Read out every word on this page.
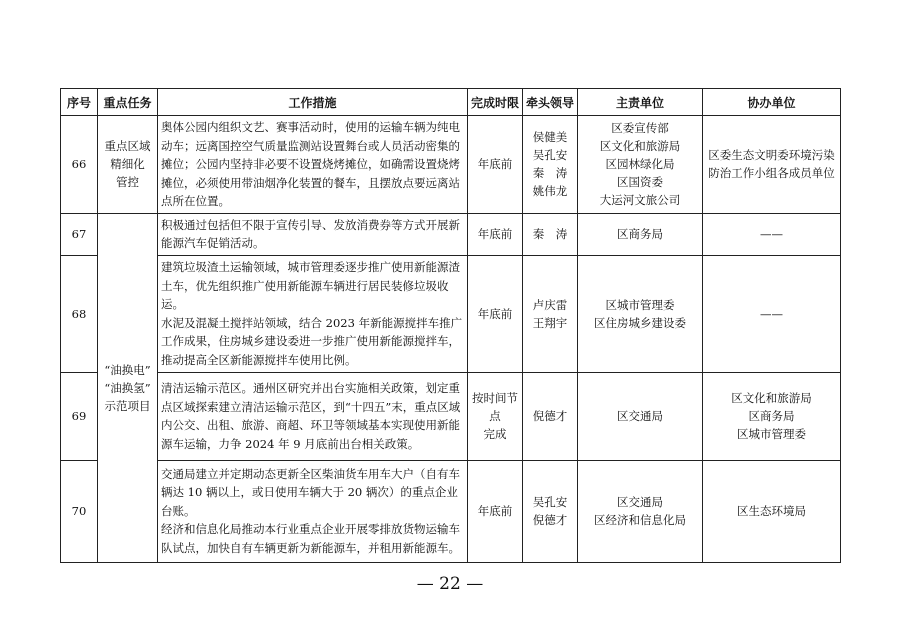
序号	重点任务	工作措施	完成时限	牵头领导	主责单位	协办单位
66	重点区域
精细化
管控	奥体公园内组织文艺、赛事活动时，使用的运输车辆为纯电动车；远离国控空气质量监测站设置舞台或人员活动密集的摊位；公园内坚持非必要不设置烧烤摊位，如确需设置烧烤摊位，必须使用带油烟净化装置的餐车，且摆放点要远离站点所在位置。	年底前	侯健美
吴孔安
秦　涛
姚伟龙	区委宣传部
区文化和旅游局
区园林绿化局
区国资委
大运河文旅公司	区委生态文明委环境污染防治工作小组各成员单位

67	“油换电”
“油换氢”
示范项目	积极通过包括但不限于宣传引导、发放消费券等方式开展新能源汽车促销活动。	年底前	秦　涛	区商务局	——

68		建筑垃圾渣土运输领域，城市管理委逐步推广使用新能源渣土车，优先组织推广使用新能源车辆进行居民装修垃圾收运。
水泥及混凝土搅拌站领域，结合 2023 年新能源搅拌车推广工作成果，住房城乡建设委进一步推广使用新能源搅拌车，推动提高全区新能源搅拌车使用比例。	年底前	卢庆雷
王翔宇	区城市管理委
区住房城乡建设委	——

69		清洁运输示范区。通州区研究并出台实施相关政策，划定重点区域探索建立清洁运输示范区，到“十四五”末，重点区域内公交、出租、旅游、商超、环卫等领域基本实现使用新能源车运输，力争 2024 年 9 月底前出台相关政策。	按时间节点
完成	倪德才	区交通局	区文化和旅游局
区商务局
区城市管理委

70		交通局建立并定期动态更新全区柴油货车用车大户（自有车辆达 10 辆以上，或日使用车辆大于 20 辆次）的重点企业台账。
经济和信息化局推动本行业重点企业开展零排放货物运输车队试点，加快自有车辆更新为新能源车，并租用新能源车。	年底前	吴孔安
倪德才	区交通局
区经济和信息化局	区生态环境局
— 22 —
